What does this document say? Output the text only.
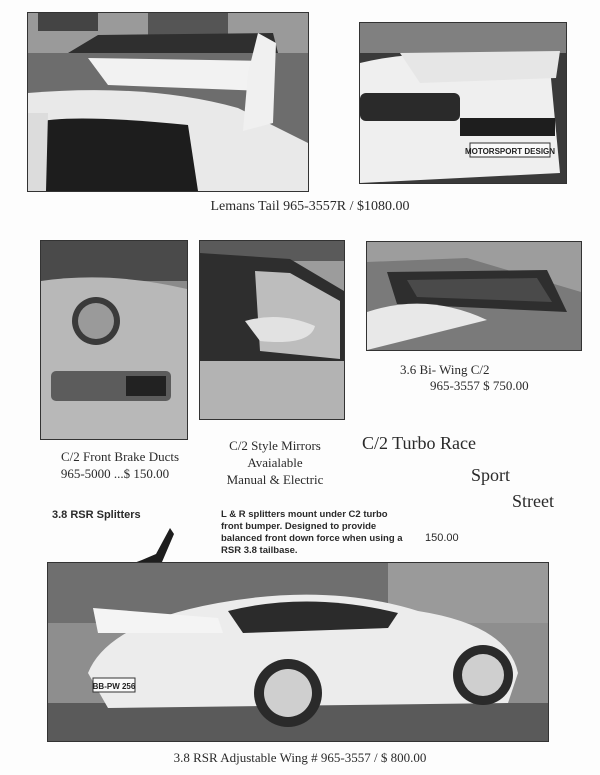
MOTORSPORT DESIGN
Lemans Tail 965-3557R / $1080.00
3.6 Bi- Wing C/2
965-3557 $ 750.00
C/2 Front Brake Ducts
965-5000 ...$ 150.00
C/2 Style Mirrors
Avaialable
Manual & Electric
C/2 Turbo Race
Sport
Street
3.8 RSR Splitters	L & R splitters mount under C2 turbo
front bumper. Designed to provide
balanced front down force when using a
RSR 3.8 tailbase.
150.00
BB-PW 256
3.8 RSR Adjustable Wing # 965-3557 / $ 800.00
